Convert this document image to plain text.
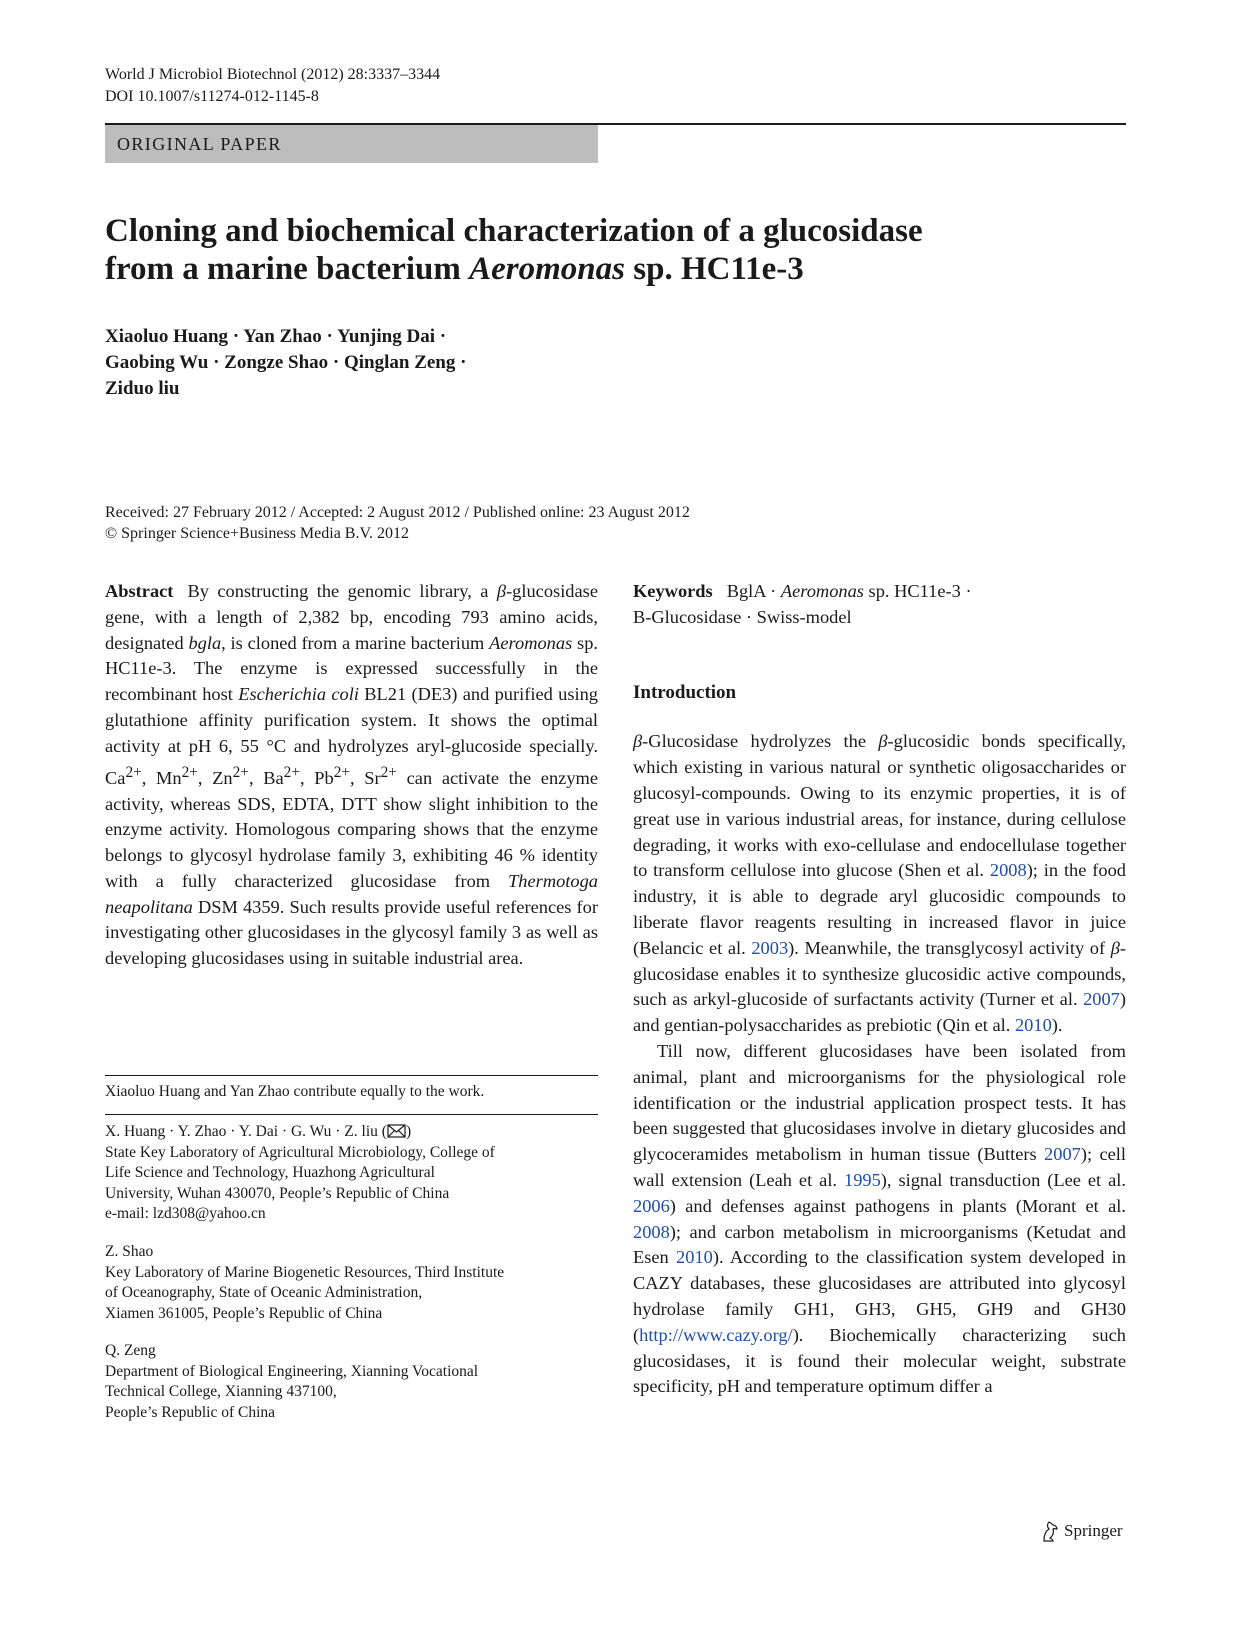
World J Microbiol Biotechnol (2012) 28:3337–3344
DOI 10.1007/s11274-012-1145-8
ORIGINAL PAPER
Cloning and biochemical characterization of a glucosidase
from a marine bacterium Aeromonas sp. HC11e-3
Xiaoluo Huang · Yan Zhao · Yunjing Dai ·
Gaobing Wu · Zongze Shao · Qinglan Zeng ·
Ziduo liu
Received: 27 February 2012 / Accepted: 2 August 2012 / Published online: 23 August 2012
© Springer Science+Business Media B.V. 2012

Abstract By constructing the genomic library, a β-glucosidase gene, with a length of 2,382 bp, encoding 793 amino acids, designated bgla, is cloned from a marine bacterium Aeromonas sp. HC11e-3. The enzyme is expressed successfully in the recombinant host Escherichia coli BL21 (DE3) and purified using glutathione affinity purification system. It shows the optimal activity at pH 6, 55 °C and hydrolyzes aryl-glucoside specially. $Ca^{2+}$, $Mn^{2+}$, $Zn^{2+}$, $Ba^{2+}$, $Pb^{2+}$, $Sr^{2+}$ can activate the enzyme activity, whereas SDS, EDTA, DTT show slight inhibition to the enzyme activity. Homologous comparing shows that the enzyme belongs to glycosyl hydrolase family 3, exhibiting 46 % identity with a fully characterized glucosidase from Thermotoga neapolitana DSM 4359. Such results provide useful references for investigating other glucosidases in the glycosyl family 3 as well as developing glucosidases using in suitable industrial area.

Xiaoluo Huang and Yan Zhao contribute equally to the work.
X. Huang · Y. Zhao · Y. Dai · G. Wu · Z. liu ( )
State Key Laboratory of Agricultural Microbiology, College of
Life Science and Technology, Huazhong Agricultural
University, Wuhan 430070, People’s Republic of China
e-mail: lzd308@yahoo.cn
Z. Shao
Key Laboratory of Marine Biogenetic Resources, Third Institute
of Oceanography, State of Oceanic Administration,
Xiamen 361005, People’s Republic of China
Q. Zeng
Department of Biological Engineering, Xianning Vocational
Technical College, Xianning 437100,
People’s Republic of China

Keywords BglA · Aeromonas sp. HC11e-3 ·
B-Glucosidase · Swiss-model

Introduction

β-Glucosidase hydrolyzes the β-glucosidic bonds specifically, which existing in various natural or synthetic oligosaccharides or glucosyl-compounds. Owing to its enzymic properties, it is of great use in various industrial areas, for instance, during cellulose degrading, it works with exo-cellulase and endocellulase together to transform cellulose into glucose (Shen et al. 2008); in the food industry, it is able to degrade aryl glucosidic compounds to liberate flavor reagents resulting in increased flavor in juice (Belancic et al. 2003). Meanwhile, the transglycosyl activity of β-glucosidase enables it to synthesize glucosidic active compounds, such as arkyl-glucoside of surfactants activity (Turner et al. 2007) and gentian-polysaccharides as prebiotic (Qin et al. 2010).

Till now, different glucosidases have been isolated from animal, plant and microorganisms for the physiological role identification or the industrial application prospect tests. It has been suggested that glucosidases involve in dietary glucosides and glycoceramides metabolism in human tissue (Butters 2007); cell wall extension (Leah et al. 1995), signal transduction (Lee et al. 2006) and defenses against pathogens in plants (Morant et al. 2008); and carbon metabolism in microorganisms (Ketudat and Esen 2010). According to the classification system developed in CAZY databases, these glucosidases are attributed into glycosyl hydrolase family GH1, GH3, GH5, GH9 and GH30 (http://www.cazy.org/). Biochemically characterizing such glucosidases, it is found their molecular weight, substrate specificity, pH and temperature optimum differ a

Springer
